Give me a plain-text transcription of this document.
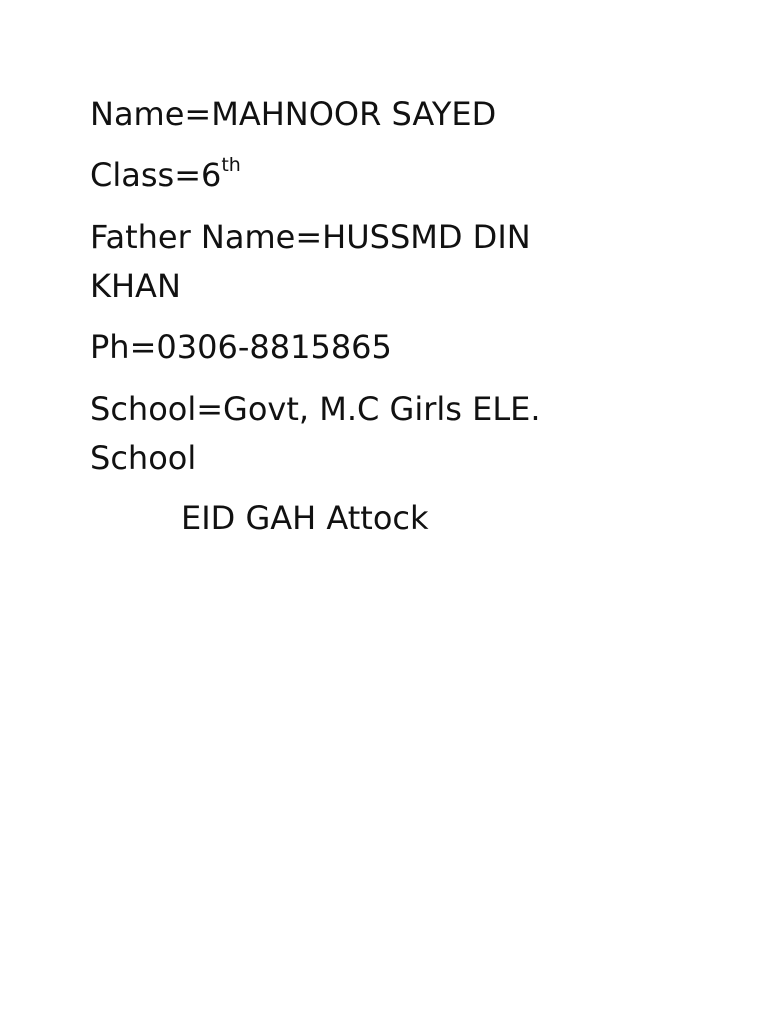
Name=MAHNOOR SAYED
Class=6th
Father Name=HUSSMD DIN
KHAN
Ph=0306-8815865
School=Govt, M.C Girls ELE.
School
EID GAH Attock
